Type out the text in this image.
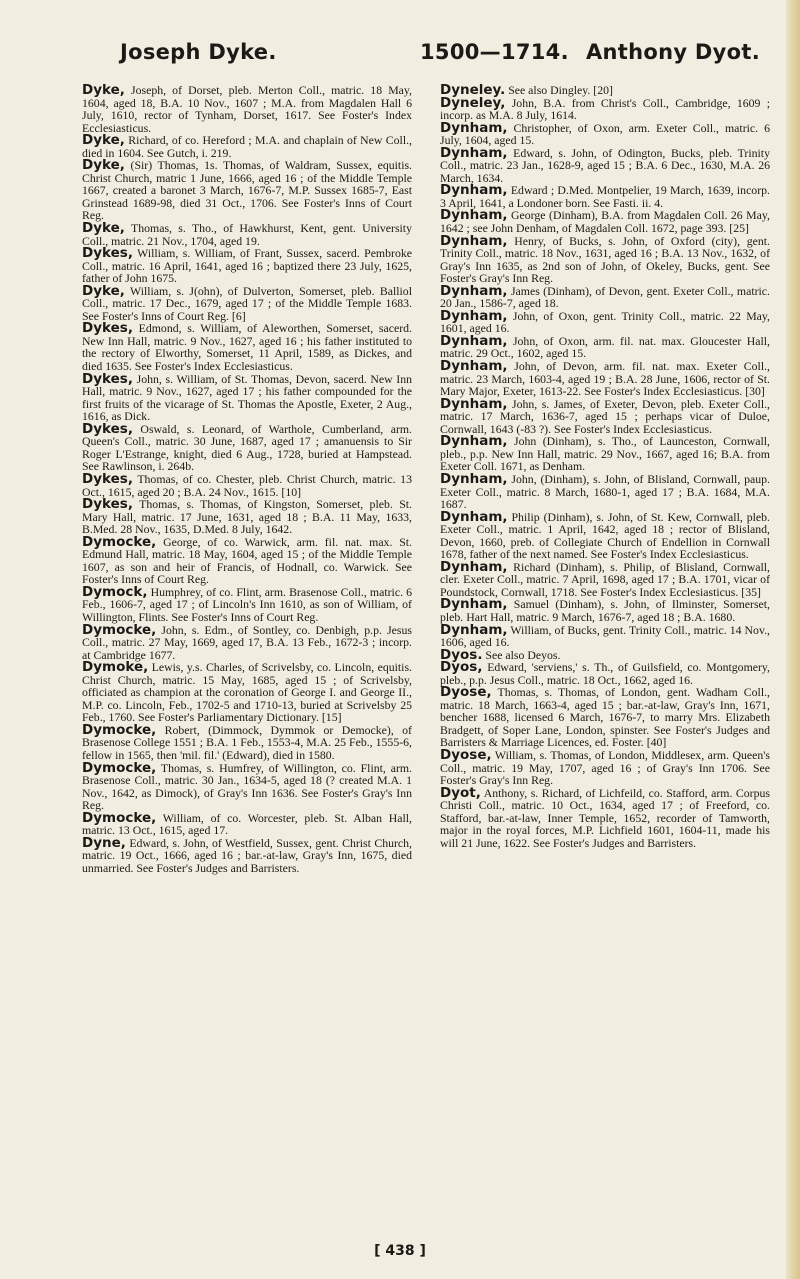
Joseph Dyke.	1500—1714. Anthony Dyot.

Dyke, Joseph, of Dorset, pleb. Merton Coll., matric. 18 May, 1604, aged 18, B.A. 10 Nov., 1607 ; M.A. from Magdalen Hall 6 July, 1610, rector of Tynham, Dorset, 1617. See Foster's Index Ecclesiasticus.

Dyke, Richard, of co. Hereford ; M.A. and chaplain of New Coll., died in 1604. See Gutch, i. 219.

Dyke, (Sir) Thomas, 1s. Thomas, of Waldram, Sussex, equitis. Christ Church, matric 1 June, 1666, aged 16 ; of the Middle Temple 1667, created a baronet 3 March, 1676-7, M.P. Sussex 1685-7, East Grinstead 1689-98, died 31 Oct., 1706. See Foster's Inns of Court Reg.

Dyke, Thomas, s. Tho., of Hawkhurst, Kent, gent. University Coll., matric. 21 Nov., 1704, aged 19.

Dykes, William, s. William, of Frant, Sussex, sacerd. Pembroke Coll., matric. 16 April, 1641, aged 16 ; baptized there 23 July, 1625, father of John 1675.

Dyke, William, s. J(ohn), of Dulverton, Somerset, pleb. Balliol Coll., matric. 17 Dec., 1679, aged 17 ; of the Middle Temple 1683. See Foster's Inns of Court Reg. [6]

Dykes, Edmond, s. William, of Aleworthen, Somerset, sacerd. New Inn Hall, matric. 9 Nov., 1627, aged 16 ; his father instituted to the rectory of Elworthy, Somerset, 11 April, 1589, as Dickes, and died 1635. See Foster's Index Ecclesiasticus.

Dykes, John, s. William, of St. Thomas, Devon, sacerd. New Inn Hall, matric. 9 Nov., 1627, aged 17 ; his father compounded for the first fruits of the vicarage of St. Thomas the Apostle, Exeter, 2 Aug., 1616, as Dick.

Dykes, Oswald, s. Leonard, of Warthole, Cumberland, arm. Queen's Coll., matric. 30 June, 1687, aged 17 ; amanuensis to Sir Roger L'Estrange, knight, died 6 Aug., 1728, buried at Hampstead. See Rawlinson, i. 264b.

Dykes, Thomas, of co. Chester, pleb. Christ Church, matric. 13 Oct., 1615, aged 20 ; B.A. 24 Nov., 1615. [10]

Dykes, Thomas, s. Thomas, of Kingston, Somerset, pleb. St. Mary Hall, matric. 17 June, 1631, aged 18 ; B.A. 11 May, 1633, B.Med. 28 Nov., 1635, D.Med. 8 July, 1642.

Dymocke, George, of co. Warwick, arm. fil. nat. max. St. Edmund Hall, matric. 18 May, 1604, aged 15 ; of the Middle Temple 1607, as son and heir of Francis, of Hodnall, co. Warwick. See Foster's Inns of Court Reg.

Dymock, Humphrey, of co. Flint, arm. Brasenose Coll., matric. 6 Feb., 1606-7, aged 17 ; of Lincoln's Inn 1610, as son of William, of Willington, Flints. See Foster's Inns of Court Reg.

Dymocke, John, s. Edm., of Sontley, co. Denbigh, p.p. Jesus Coll., matric. 27 May, 1669, aged 17, B.A. 13 Feb., 1672-3 ; incorp. at Cambridge 1677.

Dymoke, Lewis, y.s. Charles, of Scrivelsby, co. Lincoln, equitis. Christ Church, matric. 15 May, 1685, aged 15 ; of Scrivelsby, officiated as champion at the coronation of George I. and George II., M.P. co. Lincoln, Feb., 1702-5 and 1710-13, buried at Scrivelsby 25 Feb., 1760. See Foster's Parliamentary Dictionary. [15]

Dymocke, Robert, (Dimmock, Dymmok or Democke), of Brasenose College 1551 ; B.A. 1 Feb., 1553-4, M.A. 25 Feb., 1555-6, fellow in 1565, then 'mil. fil.' (Edward), died in 1580.

Dymocke, Thomas, s. Humfrey, of Willington, co. Flint, arm. Brasenose Coll., matric. 30 Jan., 1634-5, aged 18 (? created M.A. 1 Nov., 1642, as Dimock), of Gray's Inn 1636. See Foster's Gray's Inn Reg.

Dymocke, William, of co. Worcester, pleb. St. Alban Hall, matric. 13 Oct., 1615, aged 17.

Dyne, Edward, s. John, of Westfield, Sussex, gent. Christ Church, matric. 19 Oct., 1666, aged 16 ; bar.-at-law, Gray's Inn, 1675, died unmarried. See Foster's Judges and Barristers.

Dyneley. See also Dingley. [20]

Dyneley, John, B.A. from Christ's Coll., Cambridge, 1609 ; incorp. as M.A. 8 July, 1614.

Dynham, Christopher, of Oxon, arm. Exeter Coll., matric. 6 July, 1604, aged 15.

Dynham, Edward, s. John, of Odington, Bucks, pleb. Trinity Coll., matric. 23 Jan., 1628-9, aged 15 ; B.A. 6 Dec., 1630, M.A. 26 March, 1634.

Dynham, Edward ; D.Med. Montpelier, 19 March, 1639, incorp. 3 April, 1641, a Londoner born. See Fasti. ii. 4.

Dynham, George (Dinham), B.A. from Magdalen Coll. 26 May, 1642 ; see John Denham, of Magdalen Coll. 1672, page 393. [25]

Dynham, Henry, of Bucks, s. John, of Oxford (city), gent. Trinity Coll., matric. 18 Nov., 1631, aged 16 ; B.A. 13 Nov., 1632, of Gray's Inn 1635, as 2nd son of John, of Okeley, Bucks, gent. See Foster's Gray's Inn Reg.

Dynham, James (Dinham), of Devon, gent. Exeter Coll., matric. 20 Jan., 1586-7, aged 18.

Dynham, John, of Oxon, gent. Trinity Coll., matric. 22 May, 1601, aged 16.

Dynham, John, of Oxon, arm. fil. nat. max. Gloucester Hall, matric. 29 Oct., 1602, aged 15.

Dynham, John, of Devon, arm. fil. nat. max. Exeter Coll., matric. 23 March, 1603-4, aged 19 ; B.A. 28 June, 1606, rector of St. Mary Major, Exeter, 1613-22. See Foster's Index Ecclesiasticus. [30]

Dynham, John, s. James, of Exeter, Devon, pleb. Exeter Coll., matric. 17 March, 1636-7, aged 15 ; perhaps vicar of Duloe, Cornwall, 1643 (-83 ?). See Foster's Index Ecclesiasticus.

Dynham, John (Dinham), s. Tho., of Launceston, Cornwall, pleb., p.p. New Inn Hall, matric. 29 Nov., 1667, aged 16; B.A. from Exeter Coll. 1671, as Denham.

Dynham, John, (Dinham), s. John, of Blisland, Cornwall, paup. Exeter Coll., matric. 8 March, 1680-1, aged 17 ; B.A. 1684, M.A. 1687.

Dynham, Philip (Dinham), s. John, of St. Kew, Cornwall, pleb. Exeter Coll., matric. 1 April, 1642, aged 18 ; rector of Blisland, Devon, 1660, preb. of Collegiate Church of Endellion in Cornwall 1678, father of the next named. See Foster's Index Ecclesiasticus.

Dynham, Richard (Dinham), s. Philip, of Blisland, Cornwall, cler. Exeter Coll., matric. 7 April, 1698, aged 17 ; B.A. 1701, vicar of Poundstock, Cornwall, 1718. See Foster's Index Ecclesiasticus. [35]

Dynham, Samuel (Dinham), s. John, of Ilminster, Somerset, pleb. Hart Hall, matric. 9 March, 1676-7, aged 18 ; B.A. 1680.

Dynham, William, of Bucks, gent. Trinity Coll., matric. 14 Nov., 1606, aged 16.

Dyos. See also Deyos.

Dyos, Edward, 'serviens,' s. Th., of Guilsfield, co. Montgomery, pleb., p.p. Jesus Coll., matric. 18 Oct., 1662, aged 16.

Dyose, Thomas, s. Thomas, of London, gent. Wadham Coll., matric. 18 March, 1663-4, aged 15 ; bar.-at-law, Gray's Inn, 1671, bencher 1688, licensed 6 March, 1676-7, to marry Mrs. Elizabeth Bradgett, of Soper Lane, London, spinster. See Foster's Judges and Barristers & Marriage Licences, ed. Foster. [40]

Dyose, William, s. Thomas, of London, Middlesex, arm. Queen's Coll., matric. 19 May, 1707, aged 16 ; of Gray's Inn 1706. See Foster's Gray's Inn Reg.

Dyot, Anthony, s. Richard, of Lichfeild, co. Stafford, arm. Corpus Christi Coll., matric. 10 Oct., 1634, aged 17 ; of Freeford, co. Stafford, bar.-at-law, Inner Temple, 1652, recorder of Tamworth, major in the royal forces, M.P. Lichfield 1601, 1604-11, made his will 21 June, 1622. See Foster's Judges and Barristers.

[ 438 ]
